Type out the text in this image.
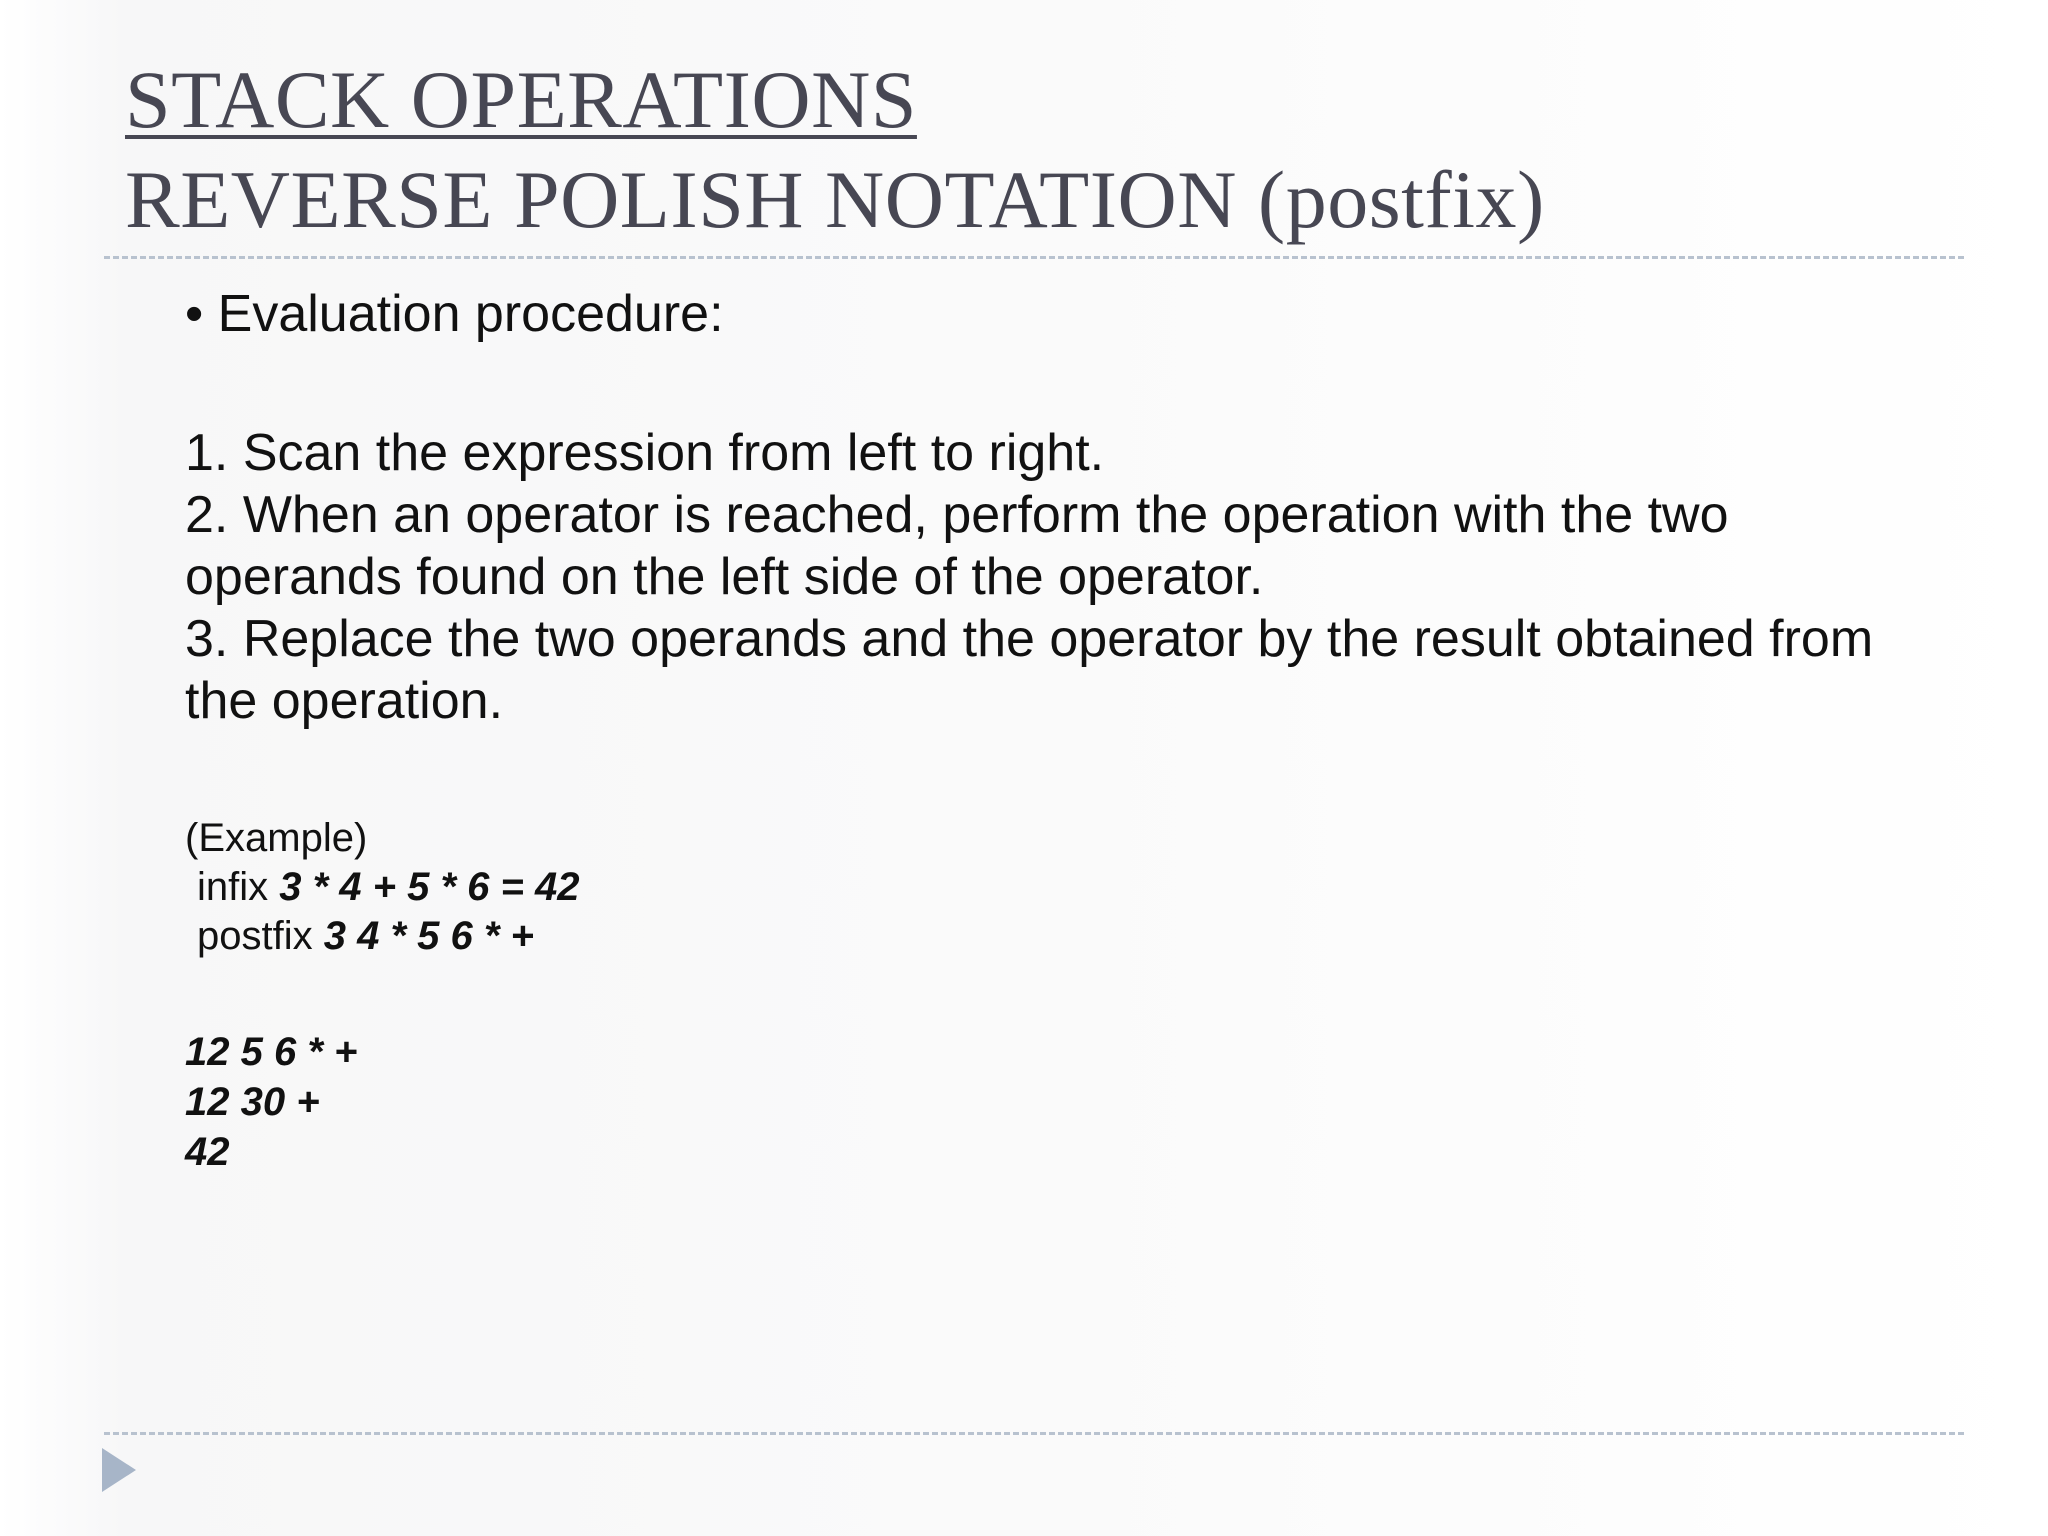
STACK OPERATIONS
REVERSE POLISH NOTATION (postfix)
• Evaluation procedure:

1. Scan the expression from left to right.

2. When an operator is reached, perform the operation with the two operands found on the left side of the operator.

3. Replace the two operands and the operator by the result obtained from the operation.

(Example)

infix 3 * 4 + 5 * 6 = 42

postfix 3 4 * 5 6 * +

12 5 6 * +

12 30 +

42
